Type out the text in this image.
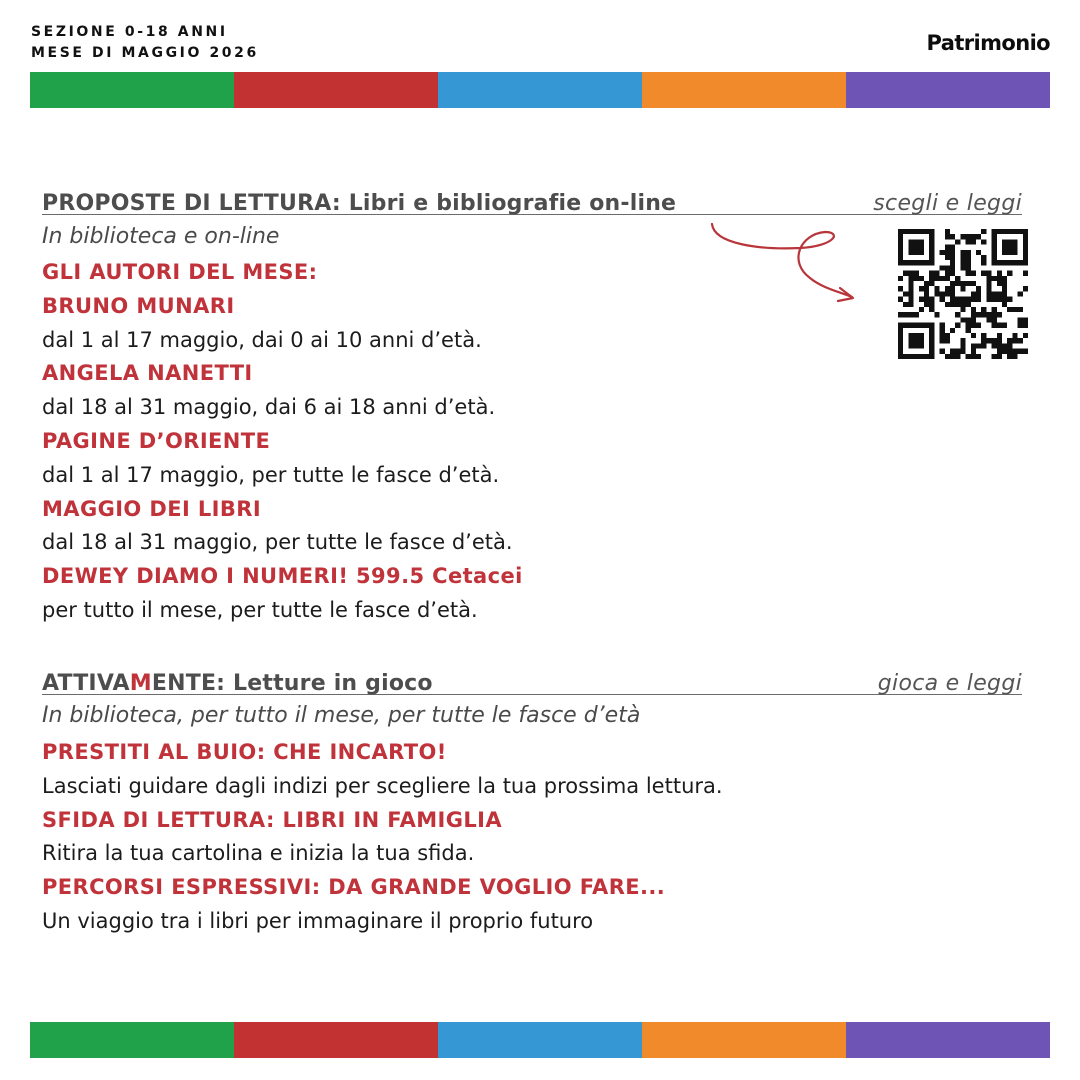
SEZIONE 0-18 ANNI
MESE DI MAGGIO 2026	Patrimonio
PROPOSTE DI LETTURA: Libri e bibliografie on-line	scegli e leggi
In biblioteca e on-line
GLI AUTORI DEL MESE:
BRUNO MUNARI
dal 1 al 17 maggio, dai 0 ai 10 anni d’età.
ANGELA NANETTI
dal 18 al 31 maggio, dai 6 ai 18 anni d’età.
PAGINE D’ORIENTE
dal 1 al 17 maggio, per tutte le fasce d’età.
MAGGIO DEI LIBRI
dal 18 al 31 maggio, per tutte le fasce d’età.
DEWEY DIAMO I NUMERI! 599.5 Cetacei
per tutto il mese, per tutte le fasce d’età.
ATTIVAMENTE: Letture in gioco	gioca e leggi
In biblioteca, per tutto il mese, per tutte le fasce d’età
PRESTITI AL BUIO: CHE INCARTO!
Lasciati guidare dagli indizi per scegliere la tua prossima lettura.
SFIDA DI LETTURA: LIBRI IN FAMIGLIA
Ritira la tua cartolina e inizia la tua sfida.
PERCORSI ESPRESSIVI: DA GRANDE VOGLIO FARE...
Un viaggio tra i libri per immaginare il proprio futuro
